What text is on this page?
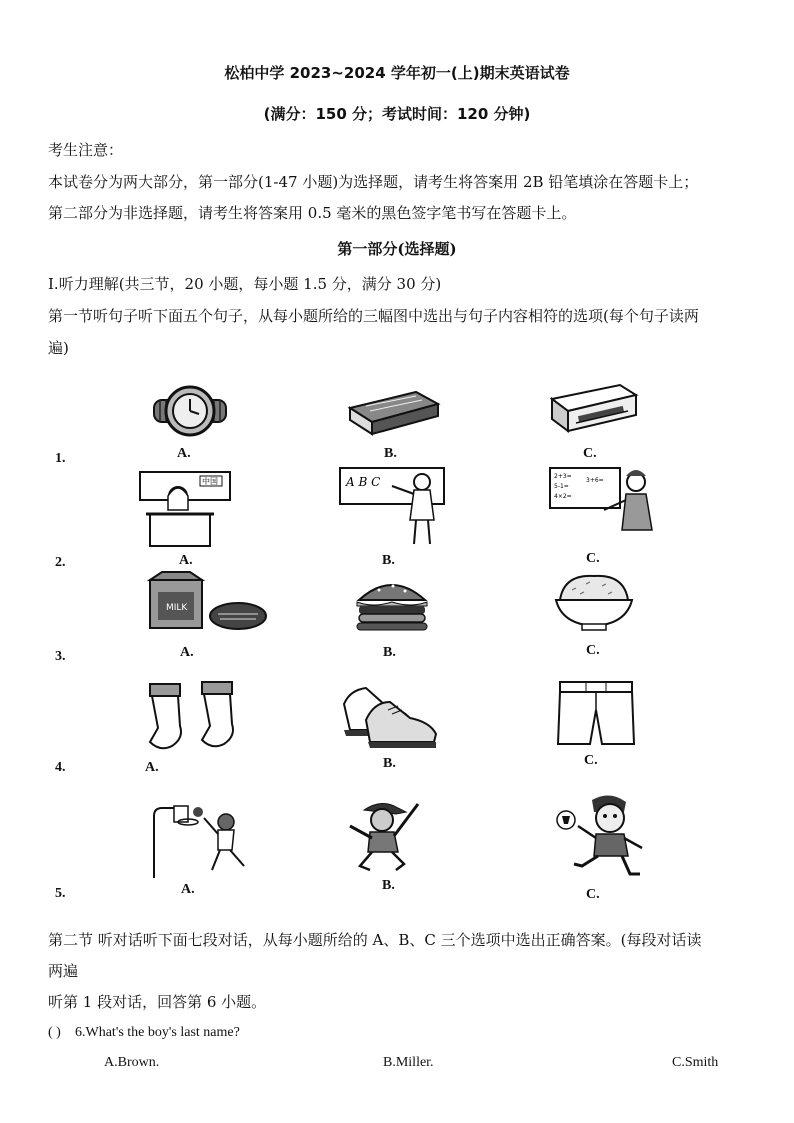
松柏中学 2023~2024 学年初一(上)期末英语试卷
(满分：150 分；考试时间：120 分钟)
考生注意：
本试卷分为两大部分，第一部分(1-47 小题)为选择题，请考生将答案用 2B 铅笔填涂在答题卡上；
第二部分为非选择题，请考生将答案用 0.5 毫米的黑色签字笔书写在答题卡上。
第一部分(选择题)
I.听力理解(共三节，20 小题，每小题 1.5 分，满分 30 分)
第一节听句子听下面五个句子，从每小题所给的三幅图中选出与句子内容相符的选项(每个句子读两
遍)
1.	A.	B.	C.
2.
中国
A.
A B C
B.
2+3=
5-1=
4×2=
3+6=
C.
3.
MILK
A.	B.	C.
4.	A.	B.	C.
5.	A.	B.
C.
第二节 听对话听下面七段对话，从每小题所给的 A、B、C 三个选项中选出正确答案。(每段对话读
两遍
听第 1 段对话，回答第 6 小题。
( ) 6.What's the boy's last name?
A.Brown.	B.Miller.	C.Smith
